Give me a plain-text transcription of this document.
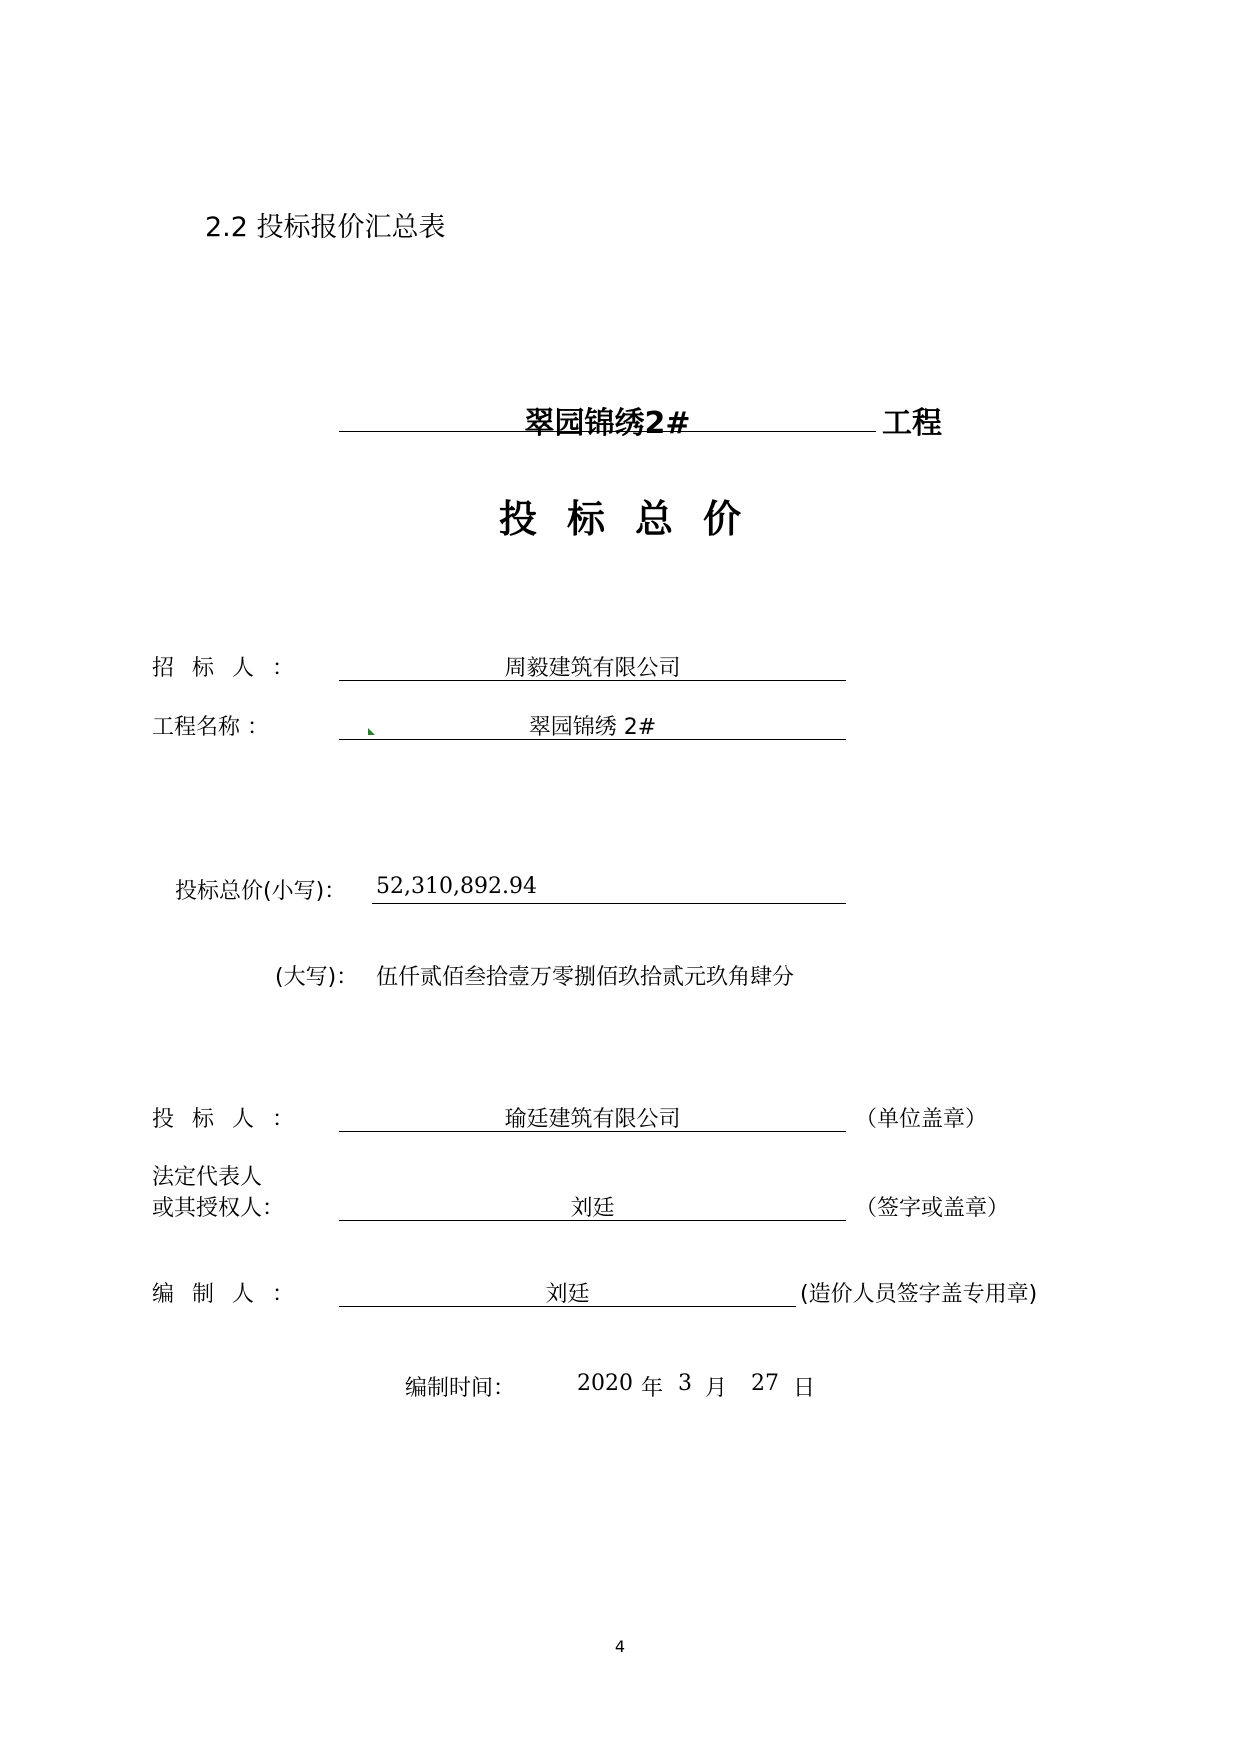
2.2 投标报价汇总表
翠园锦绣2#	工程
投标总价
招标人：	周毅建筑有限公司
工程名称 ：	翠园锦绣 2#
投标总价(小写)： 52,310,892.94
(大写)： 伍仟贰佰叁拾壹万零捌佰玖拾贰元玖角肆分
投标人：	瑜廷建筑有限公司	（单位盖章）
法定代表人
或其授权人：	刘廷	（签字或盖章）
编制人：	刘廷	(造价人员签字盖专用章)
编制时间：	2020 年 3 月 27 日
4
